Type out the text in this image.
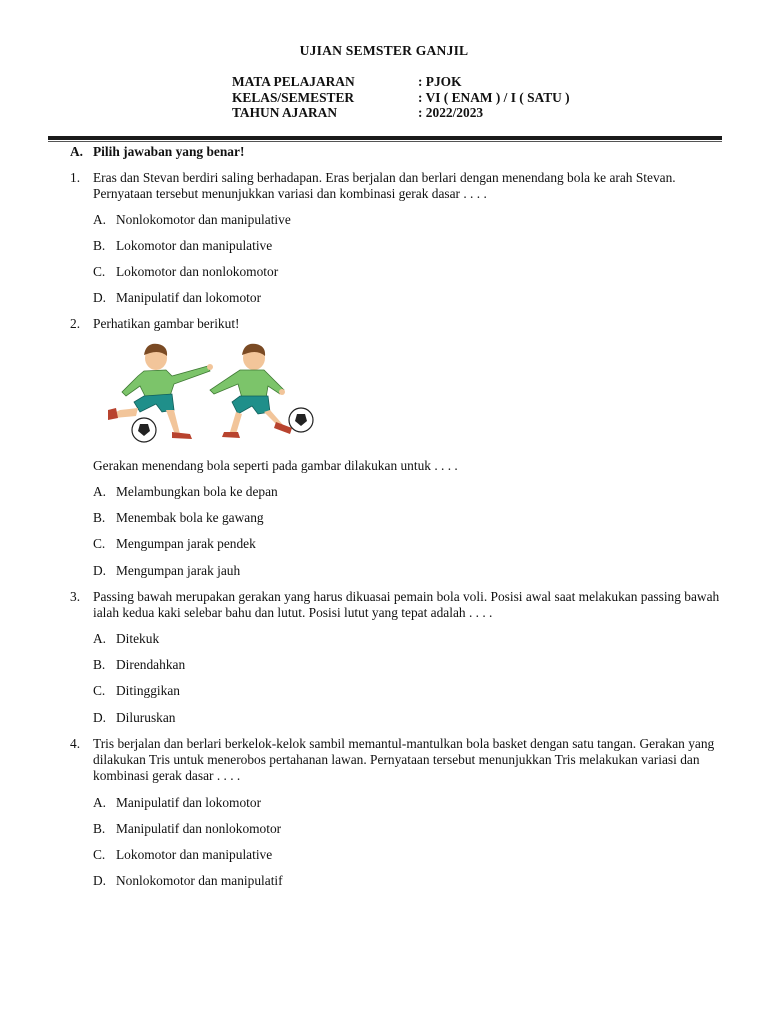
UJIAN SEMSTER GANJIL
MATA PELAJARAN	: PJOK
KELAS/SEMESTER	: VI ( ENAM ) / I ( SATU )
TAHUN AJARAN	: 2022/2023
A. Pilih jawaban yang benar!
1. Eras dan Stevan berdiri saling berhadapan. Eras berjalan dan berlari dengan menendang bola ke arah Stevan. Pernyataan tersebut menunjukkan variasi dan kombinasi gerak dasar . . . .
A. Nonlokomotor dan manipulative
B. Lokomotor dan manipulative
C. Lokomotor dan nonlokomotor
D. Manipulatif dan lokomotor
2. Perhatikan gambar berikut!
Gerakan menendang bola seperti pada gambar dilakukan untuk . . . .
A. Melambungkan bola ke depan
B. Menembak bola ke gawang
C. Mengumpan jarak pendek
D. Mengumpan jarak jauh
3. Passing bawah merupakan gerakan yang harus dikuasai pemain bola voli. Posisi awal saat melakukan passing bawah ialah kedua kaki selebar bahu dan lutut. Posisi lutut yang tepat adalah . . . .
A. Ditekuk
B. Direndahkan
C. Ditinggikan
D. Diluruskan
4. Tris berjalan dan berlari berkelok-kelok sambil memantul-mantulkan bola basket dengan satu tangan. Gerakan yang dilakukan Tris untuk menerobos pertahanan lawan. Pernyataan tersebut menunjukkan Tris melakukan variasi dan kombinasi gerak dasar . . . .
A. Manipulatif dan lokomotor
B. Manipulatif dan nonlokomotor
C. Lokomotor dan manipulative
D. Nonlokomotor dan manipulatif
